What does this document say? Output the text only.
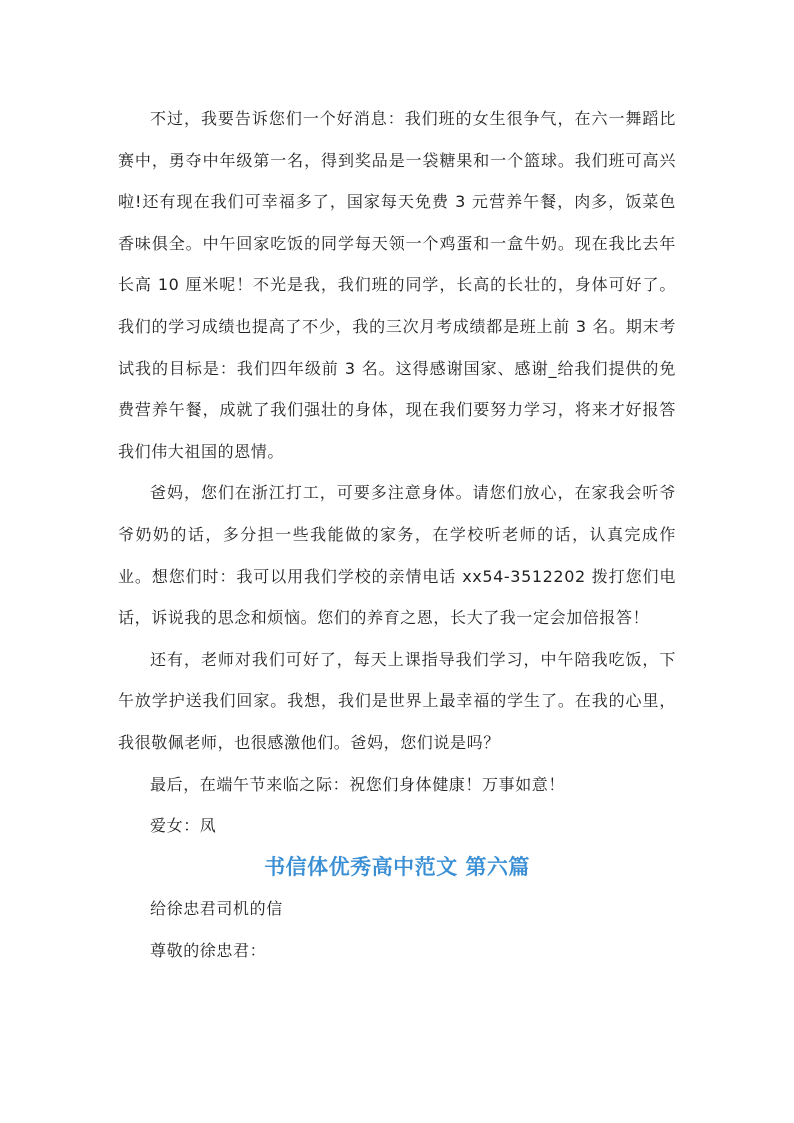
不过，我要告诉您们一个好消息：我们班的女生很争气，在六一舞蹈比赛中，勇夺中年级第一名，得到奖品是一袋糖果和一个篮球。我们班可高兴啦!还有现在我们可幸福多了，国家每天免费 3 元营养午餐，肉多，饭菜色香味俱全。中午回家吃饭的同学每天领一个鸡蛋和一盒牛奶。现在我比去年长高 10 厘米呢！不光是我，我们班的同学，长高的长壮的，身体可好了。我们的学习成绩也提高了不少，我的三次月考成绩都是班上前 3 名。期末考试我的目标是：我们四年级前 3 名。这得感谢国家、感谢_给我们提供的免费营养午餐，成就了我们强壮的身体，现在我们要努力学习，将来才好报答我们伟大祖国的恩情。

爸妈，您们在浙江打工，可要多注意身体。请您们放心，在家我会听爷爷奶奶的话，多分担一些我能做的家务，在学校听老师的话，认真完成作业。想您们时：我可以用我们学校的亲情电话 xx54-3512202 拨打您们电话，诉说我的思念和烦恼。您们的养育之恩，长大了我一定会加倍报答！

还有，老师对我们可好了，每天上课指导我们学习，中午陪我吃饭，下午放学护送我们回家。我想，我们是世界上最幸福的学生了。在我的心里，我很敬佩老师，也很感激他们。爸妈，您们说是吗？

最后，在端午节来临之际：祝您们身体健康！万事如意！

爱女：凤

书信体优秀高中范文 第六篇

给徐忠君司机的信

尊敬的徐忠君：
